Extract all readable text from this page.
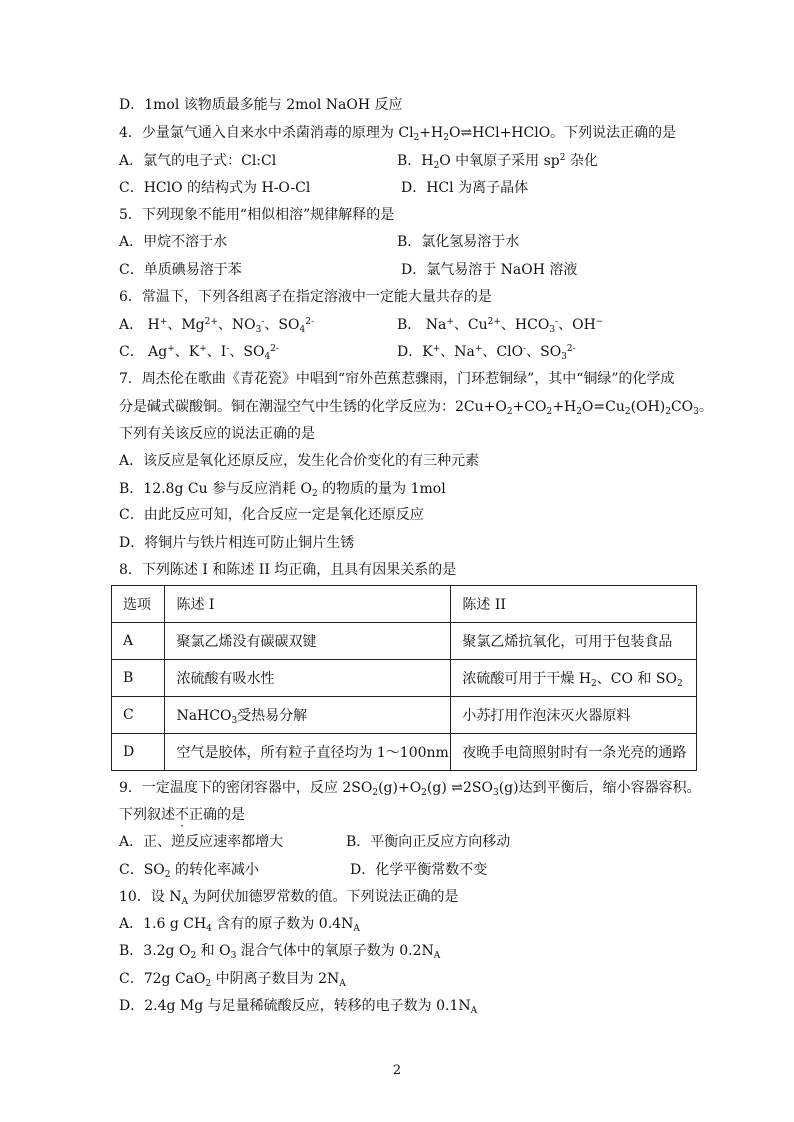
D．1mol 该物质最多能与 2mol NaOH 反应
4．少量氯气通入自来水中杀菌消毒的原理为 $Cl_2+H_2O\rightleftharpoons HCl+HClO$。下列说法正确的是
A．氯气的电子式：Cl:Cl	B．$H_2O$ 中氧原子采用 $sp^2$ 杂化
C．HClO 的结构式为 H-O-Cl	D．HCl 为离子晶体
5．下列现象不能用“相似相溶”规律解释的是
A．甲烷不溶于水	B．氯化氢易溶于水
C．单质碘易溶于苯	D．氯气易溶于 NaOH 溶液
6．常温下，下列各组离子在指定溶液中一定能大量共存的是
A． H+、$Mg^{2+}$、$NO_3^-$、$SO_4^{2-}$	B． Na+、$Cu^{2+}$、$HCO_3^-$、OH−
C． Ag+、K+、I-、$SO_4^{2-}$	D．K+、Na+、ClO-、$SO_3^{2-}$
7．周杰伦在歌曲《青花瓷》中唱到“帘外芭蕉惹骤雨，门环惹铜绿”，其中“铜绿”的化学成
分是碱式碳酸铜。铜在潮湿空气中生锈的化学反应为：$2Cu+O_2+CO_2+H_2O=Cu_2(OH)_2CO_3$。
下列有关该反应的说法正确的是
A．该反应是氧化还原反应，发生化合价变化的有三种元素
B．12.8g Cu 参与反应消耗 $O_2$ 的物质的量为 1mol
C．由此反应可知，化合反应一定是氧化还原反应
D．将铜片与铁片相连可防止铜片生锈
8．下列陈述 I 和陈述 II 均正确，且具有因果关系的是
选项	陈述 I	陈述 II
A	聚氯乙烯没有碳碳双键	聚氯乙烯抗氧化，可用于包装食品
B	浓硫酸有吸水性	浓硫酸可用于干燥 $H_2$、CO 和 $SO_2$
C	NaHCO$_3$受热易分解	小苏打用作泡沫灭火器原料
D	空气是胶体，所有粒子直径均为 1～100nm	夜晚手电筒照射时有一条光亮的通路
9．一定温度下的密闭容器中，反应 $2SO_2(g)+O_2(g)$ $\rightleftharpoons 2SO_3(g)$达到平衡后，缩小容器容积。
下列叙述不正确的是
A．正、逆反应速率都增大	B．平衡向正反应方向移动
C．$SO_2$ 的转化率减小	D．化学平衡常数不变
10．设 $N_A$ 为阿伏加德罗常数的值。下列说法正确的是
A．1.6 g $CH_4$ 含有的原子数为 $0.4N_A$
B．3.2g $O_2$ 和 $O_3$ 混合气体中的氧原子数为 $0.2N_A$
C．72g CaO$_2$ 中阴离子数目为 $2N_A$
D．2.4g Mg 与足量稀硫酸反应，转移的电子数为 $0.1N_A$
2
